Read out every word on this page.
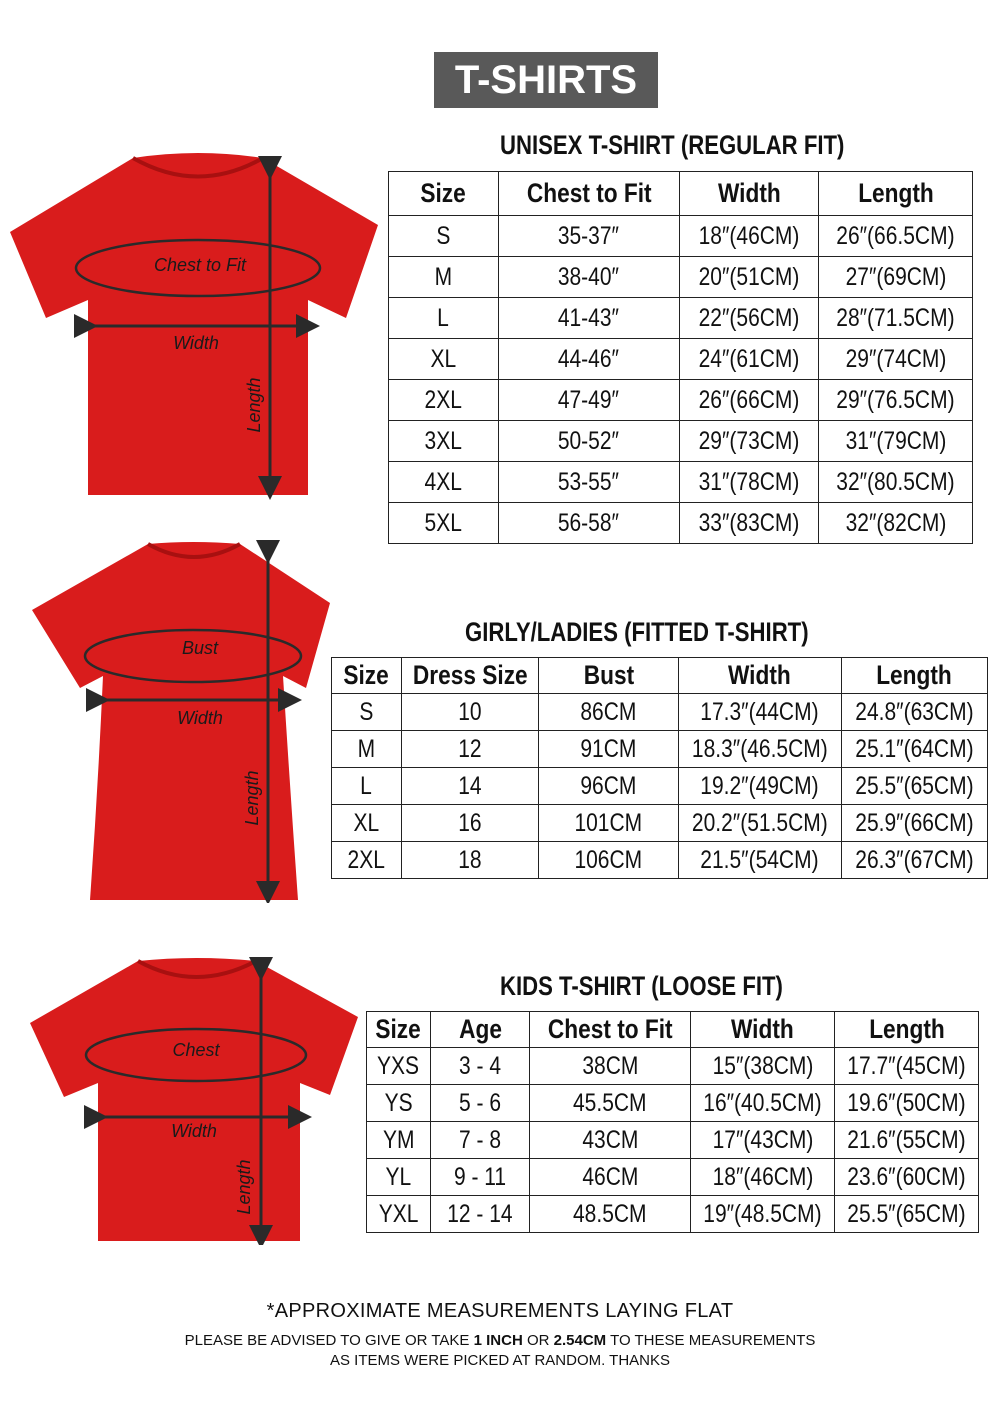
T-SHIRTS
UNISEX T-SHIRT (REGULAR FIT)
Chest to Fit
Width
Length
Size	Chest to Fit	Width	Length
S	35-37″	18″(46CM)	26″(66.5CM)
M	38-40″	20″(51CM)	27″(69CM)
L	41-43″	22″(56CM)	28″(71.5CM)
XL	44-46″	24″(61CM)	29″(74CM)
2XL	47-49″	26″(66CM)	29″(76.5CM)
3XL	50-52″	29″(73CM)	31″(79CM)
4XL	53-55″	31″(78CM)	32″(80.5CM)
5XL	56-58″	33″(83CM)	32″(82CM)
GIRLY/LADIES (FITTED T-SHIRT)
Bust
Width
Length
Size	Dress Size	Bust	Width	Length
S	10	86CM	17.3″(44CM)	24.8″(63CM)
M	12	91CM	18.3″(46.5CM)	25.1″(64CM)
L	14	96CM	19.2″(49CM)	25.5″(65CM)
XL	16	101CM	20.2″(51.5CM)	25.9″(66CM)
2XL	18	106CM	21.5″(54CM)	26.3″(67CM)
KIDS T-SHIRT (LOOSE FIT)
Chest
Width
Length
Size	Age	Chest to Fit	Width	Length
YXS	3 - 4	38CM	15″(38CM)	17.7″(45CM)
YS	5 - 6	45.5CM	16″(40.5CM)	19.6″(50CM)
YM	7 - 8	43CM	17″(43CM)	21.6″(55CM)
YL	9 - 11	46CM	18″(46CM)	23.6″(60CM)
YXL	12 - 14	48.5CM	19″(48.5CM)	25.5″(65CM)
*APPROXIMATE MEASUREMENTS LAYING FLAT
PLEASE BE ADVISED TO GIVE OR TAKE 1 INCH OR 2.54CM TO THESE MEASUREMENTS
AS ITEMS WERE PICKED AT RANDOM. THANKS
